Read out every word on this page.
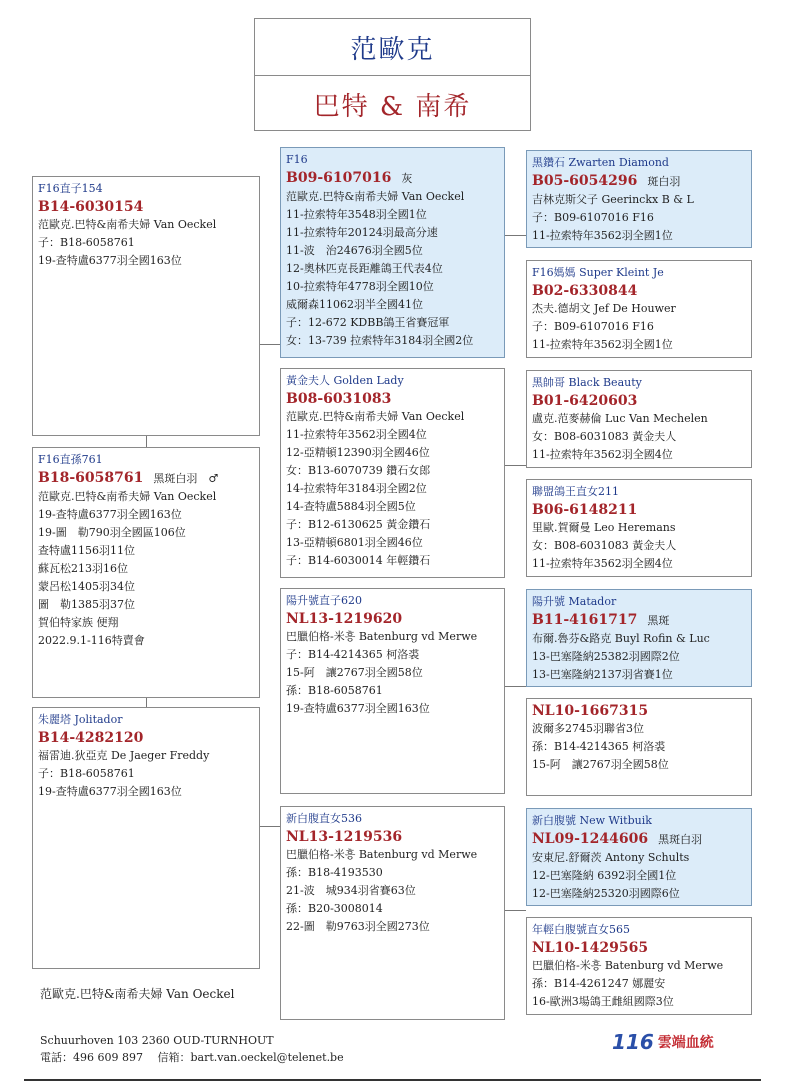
范歐克
巴特 & 南希
F16直子154
B14-6030154
范歐克.巴特&南希夫婦 Van Oeckel
子：B18-6058761
19-查特盧6377羽全國163位
F16直孫761
B18-6058761 黑斑白羽　♂
范歐克.巴特&南希夫婦 Van Oeckel
19-查特盧6377羽全國163位
19-圖　勒790羽全國區106位
查特盧1156羽11位
蘇瓦松213羽16位
蒙呂松1405羽34位
圖　勒1385羽37位
賀伯特家族 便翔
2022.9.1-116特賣會
朱麗塔 Jolitador
B14-4282120
福雷迪.狄亞克 De Jaeger Freddy
子：B18-6058761
19-查特盧6377羽全國163位
F16
B09-6107016 灰
范歐克.巴特&南希夫婦 Van Oeckel
11-拉索特年3548羽全國1位
11-拉索特年20124羽最高分速
11-波　治24676羽全國5位
12-奧林匹克長距離鴿王代表4位
10-拉索特年4778羽全國10位
威爾森11062羽半全國41位
子：12-672 KDBB鴿王省賽冠軍
女：13-739 拉索特年3184羽全國2位
黃金夫人 Golden Lady
B08-6031083
范歐克.巴特&南希夫婦 Van Oeckel
11-拉索特年3562羽全國4位
12-亞精頓12390羽全國46位
女：B13-6070739 鑽石女郎
14-拉索特年3184羽全國2位
14-查特盧5884羽全國5位
子：B12-6130625 黃金鑽石
13-亞精頓6801羽全國46位
子：B14-6030014 年輕鑽石
陽升號直子620
NL13-1219620
巴臘伯格-米흥 Batenburg vd Merwe
子：B14-4214365 柯洛裘
15-阿　讓2767羽全國58位
孫：B18-6058761
19-查特盧6377羽全國163位
新白腹直女536
NL13-1219536
巴臘伯格-米흥 Batenburg vd Merwe
孫：B18-4193530
21-波　城934羽省賽63位
孫：B20-3008014
22-圖　勒9763羽全國273位
黑鑽石 Zwarten Diamond
B05-6054296 斑白羽
吉林克斯父子 Geerinckx B & L
子：B09-6107016 F16
11-拉索特年3562羽全國1位
F16媽媽 Super Kleint Je
B02-6330844
杰夫.德胡文 Jef De Houwer
子：B09-6107016 F16
11-拉索特年3562羽全國1位
黑帥哥 Black Beauty
B01-6420603
盧克.范麥赫倫 Luc Van Mechelen
女：B08-6031083 黃金夫人
11-拉索特年3562羽全國4位
聯盟鴿王直女211
B06-6148211
里歐.賀爾曼 Leo Heremans
女：B08-6031083 黃金夫人
11-拉索特年3562羽全國4位
陽升號 Matador
B11-4161717 黑斑
布爾.魯芬&路克 Buyl Rofin & Luc
13-巴塞隆納25382羽國際2位
13-巴塞隆納2137羽省賽1位
NL10-1667315
波爾多2745羽聯省3位
孫：B14-4214365 柯洛裘
15-阿　讓2767羽全國58位
新白腹號 New Witbuik
NL09-1244606 黑斑白羽
安東尼.舒爾茨 Antony Schults
12-巴塞隆納 6392羽全國1位
12-巴塞隆納25320羽國際6位
年輕白腹號直女565
NL10-1429565
巴臘伯格-米흥 Batenburg vd Merwe
孫：B14-4261247 娜麗安
16-歐洲3場鴿王雌組國際3位
范歐克.巴特&南希夫婦 Van Oeckel
Schuurhoven 103 2360 OUD-TURNHOUT
電話：496 609 897　 信箱：bart.van.oeckel@telenet.be
116 雲端血統
